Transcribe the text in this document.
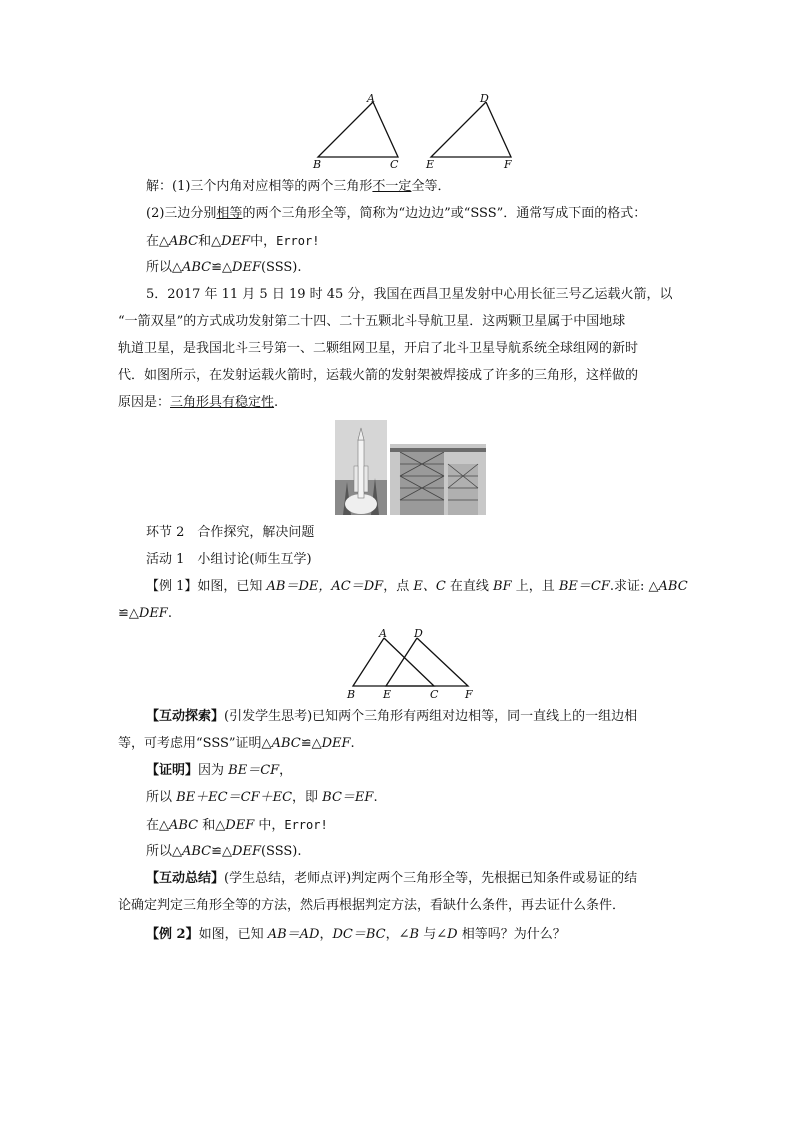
A
B	C
D
E	F
解：(1)三个内角对应相等的两个三角形不一定全等．
(2)三边分别相等的两个三角形全等，简称为“边边边”或“SSS”．通常写成下面的格式：
在△ABC和△DEF中，Error!
所以△ABC≌△DEF(SSS).
5．2017 年 11 月 5 日 19 时 45 分，我国在西昌卫星发射中心用长征三号乙运载火箭，以
“一箭双星”的方式成功发射第二十四、二十五颗北斗导航卫星．这两颗卫星属于中国地球
轨道卫星，是我国北斗三号第一、二颗组网卫星，开启了北斗卫星导航系统全球组网的新时
代．如图所示，在发射运载火箭时，运载火箭的发射架被焊接成了许多的三角形，这样做的
原因是：三角形具有稳定性.
环节 2　合作探究，解决问题
活动 1　小组讨论(师生互学)
【例 1】如图，已知 AB＝DE，AC＝DF，点 E、C 在直线 BF 上，且 BE＝CF.求证: △ABC
≌△DEF.
A D
B	E	C F
【互动探索】(引发学生思考)已知两个三角形有两组对边相等，同一直线上的一组边相
等，可考虑用“SSS”证明△ABC≌△DEF.
【证明】因为 BE＝CF，
所以 BE＋EC＝CF＋EC，即 BC＝EF.
在△ABC 和△DEF 中，Error!
所以△ABC≌△DEF(SSS).
【互动总结】(学生总结，老师点评)判定两个三角形全等，先根据已知条件或易证的结
论确定判定三角形全等的方法，然后再根据判定方法，看缺什么条件，再去证什么条件．
【例 2】如图，已知 AB＝AD，DC＝BC，∠B 与∠D 相等吗？为什么？
